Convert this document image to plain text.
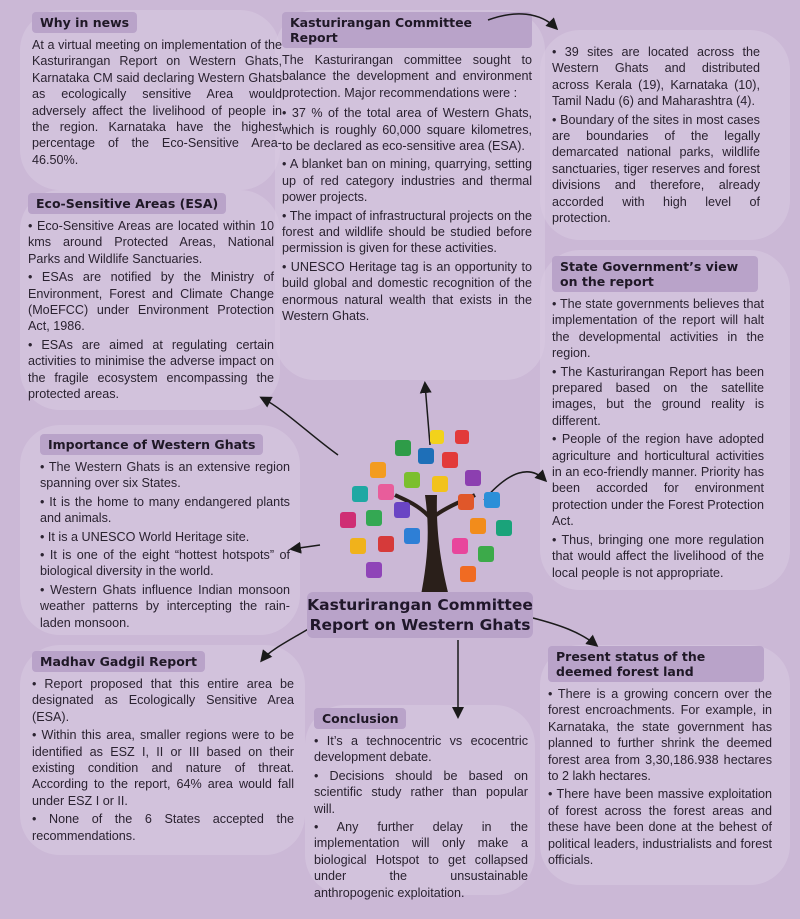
Why in news
At a virtual meeting on implementation of the Kasturirangan Report on Western Ghats, Karnataka CM said declaring Western Ghats as ecologically sensitive Area would adversely affect the livelihood of people in the region. Karnataka have the highest percentage of the Eco-Sensitive Area- 46.50%.
Kasturirangan Committee Report
The Kasturirangan committee sought to balance the development and environment protection. Major recommendations were :
• 37 % of the total area of Western Ghats, which is roughly 60,000 square kilometres, to be declared as eco-sensitive area (ESA).
• A blanket ban on mining, quarrying, setting up of red category industries and thermal power projects.
• The impact of infrastructural projects on the forest and wildlife should be studied before permission is given for these activities.
• UNESCO Heritage tag is an opportunity to build global and domestic recognition of the enormous natural wealth that exists in the Western Ghats.
• 39 sites are located across the Western Ghats and distributed across Kerala (19), Karnataka (10), Tamil Nadu (6) and Maharashtra (4).
• Boundary of the sites in most cases are boundaries of the legally demarcated national parks, wildlife sanctuaries, tiger reserves and forest divisions and therefore, already accorded with high level of protection.
Eco-Sensitive Areas (ESA)
• Eco-Sensitive Areas are located within 10 kms around Protected Areas, National Parks and Wildlife Sanctuaries.
• ESAs are notified by the Ministry of Environment, Forest and Climate Change (MoEFCC) under Environment Protection Act, 1986.
• ESAs are aimed at regulating certain activities to minimise the adverse impact on the fragile ecosystem encompassing the protected areas.
State Government’s view on the report
• The state governments believes that implementation of the report will halt the developmental activities in the region.
• The Kasturirangan Report has been prepared based on the satellite images, but the ground reality is different.
• People of the region have adopted agriculture and horticultural activities in an eco-friendly manner. Priority has been accorded for environment protection under the Forest Protection Act.
• Thus, bringing one more regulation that would affect the livelihood of the local people is not appropriate.
Importance of Western Ghats
• The Western Ghats is an extensive region spanning over six States.
• It is the home to many endangered plants and animals.
• It is a UNESCO World Heritage site.
• It is one of the eight “hottest hotspots” of biological diversity in the world.
• Western Ghats influence Indian monsoon weather patterns by intercepting the rain-laden monsoon.
Madhav Gadgil Report
• Report proposed that this entire area be designated as Ecologically Sensitive Area (ESA).
• Within this area, smaller regions were to be identified as ESZ I, II or III based on their existing condition and nature of threat. According to the report, 64% area would fall under ESZ I or II.
• None of the 6 States accepted the recommendations.
Present status of the deemed forest land
• There is a growing concern over the forest encroachments. For example, in Karnataka, the state government has planned to further shrink the deemed forest area from 3,30,186.938 hectares to 2 lakh hectares.
• There have been massive exploitation of forest across the forest areas and these have been done at the behest of political leaders, industrialists and forest officials.
Conclusion
• It’s a technocentric vs ecocentric development debate.
• Decisions should be based on scientific study rather than popular will.
• Any further delay in the implementation will only make a biological Hotspot to get collapsed under the unsustainable anthropogenic exploitation.
Kasturirangan Committee Report on Western Ghats
